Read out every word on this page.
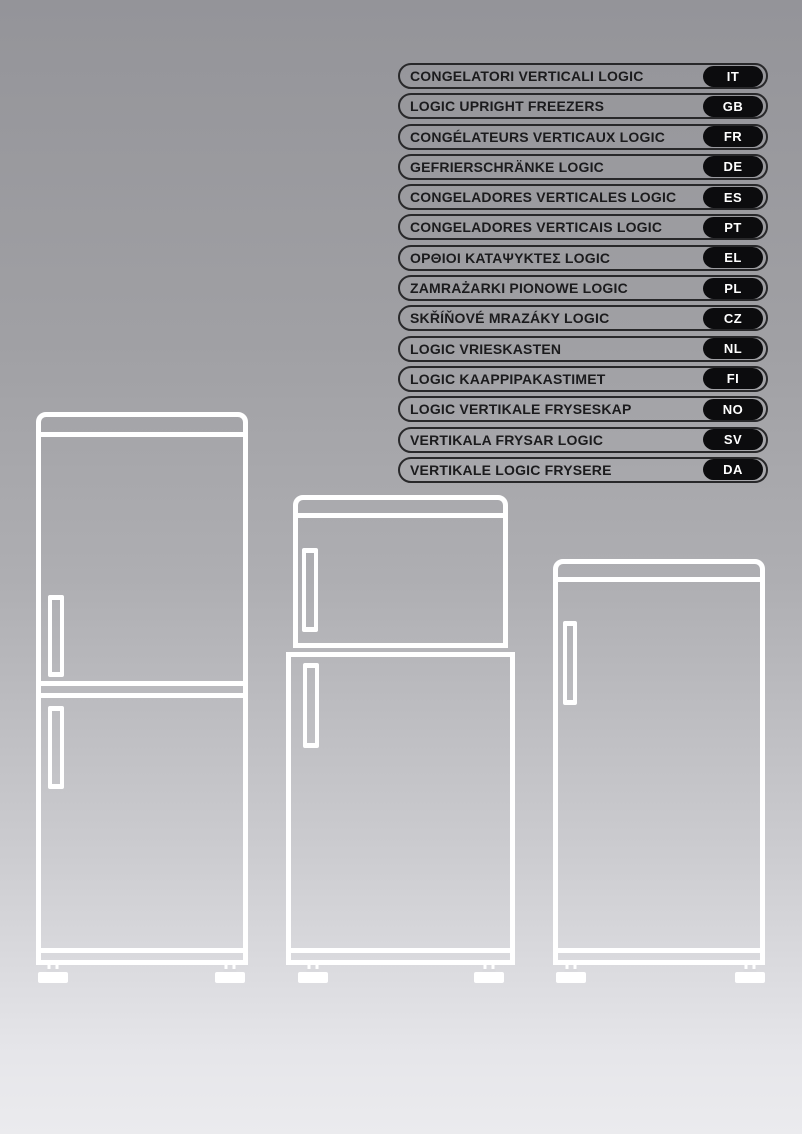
CONGELATORI VERTICALI LOGIC	IT
LOGIC UPRIGHT FREEZERS	GB
CONGÉLATEURS VERTICAUX LOGIC	FR
GEFRIERSCHRÄNKE LOGIC	DE
CONGELADORES VERTICALES LOGIC	ES
CONGELADORES VERTICAIS LOGIC	PT
ΟΡΘΙΟΙ ΚΑΤΑΨΥΚΤΕΣ LOGIC	EL
ZAMRAŻARKI PIONOWE LOGIC	PL
SKŘÍŇOVÉ MRAZÁKY LOGIC	CZ
LOGIC VRIESKASTEN	NL
LOGIC KAAPPIPAKASTIMET	FI
LOGIC VERTIKALE FRYSESKAP	NO
VERTIKALA FRYSAR LOGIC	SV
VERTIKALE LOGIC FRYSERE	DA
